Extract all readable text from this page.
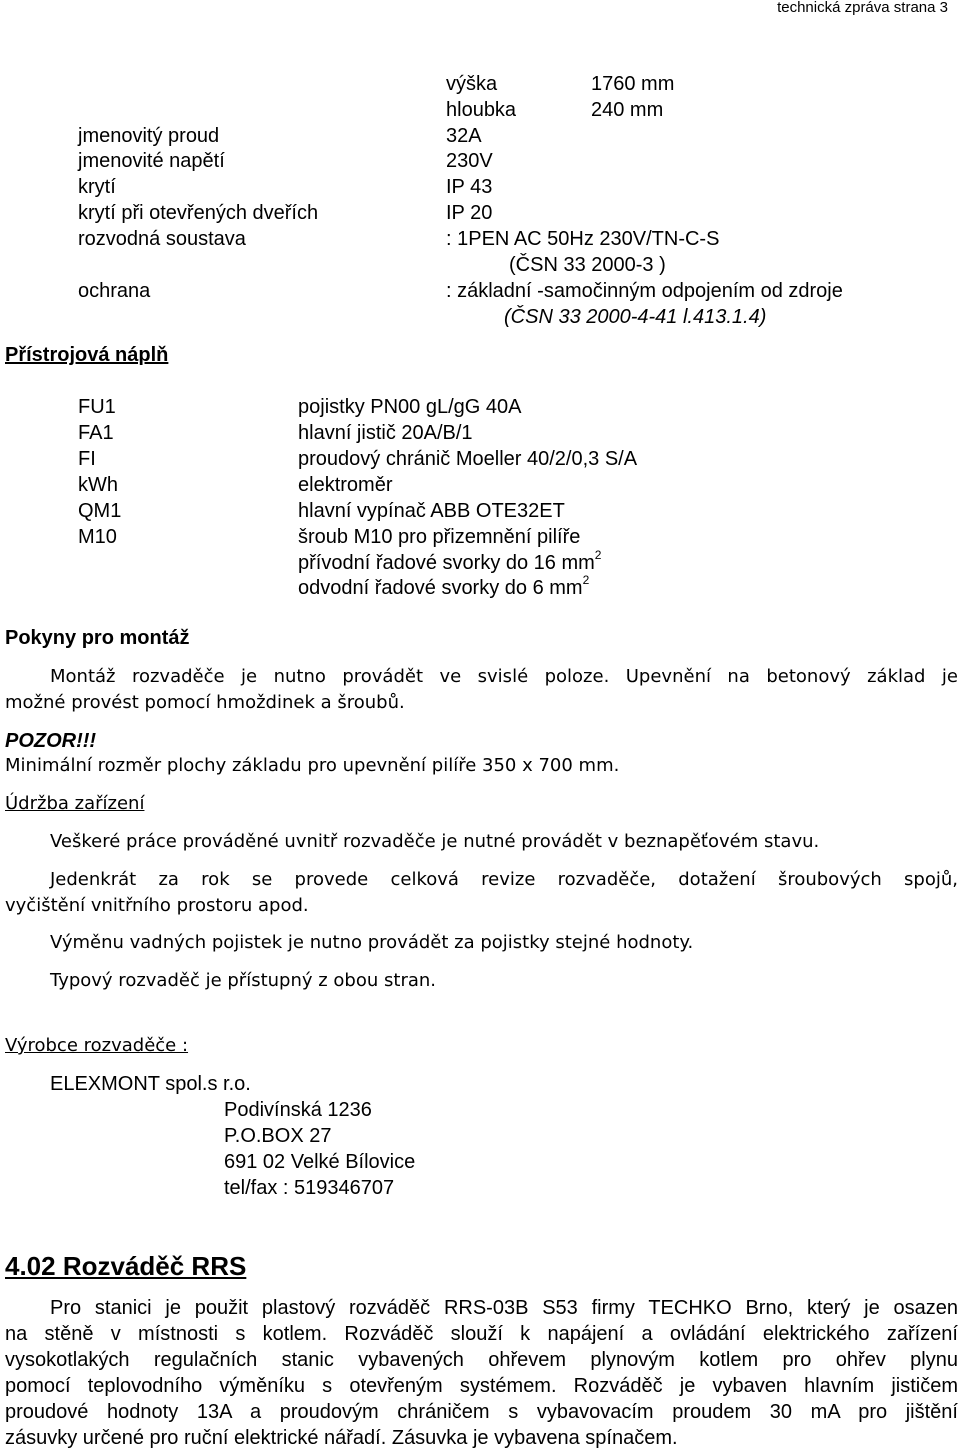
technická zpráva strana 3
výška	1760 mm
hloubka	240 mm
jmenovitý proud	32A
jmenovité napětí	230V
krytí	IP 43
krytí při otevřených dveřích	IP 20
rozvodná soustava	: 1PEN AC 50Hz 230V/TN-C-S
(ČSN 33 2000-3 )
ochrana	: základní -samočinným odpojením od zdroje
(ČSN 33 2000-4-41 l.413.1.4)
Přístrojová náplň
FU1	pojistky PN00 gL/gG 40A
FA1	hlavní jistič 20A/B/1
FI	proudový chránič Moeller 40/2/0,3 S/A
kWh	elektroměr
QM1	hlavní vypínač ABB OTE32ET
M10	šroub M10 pro přizemnění pilíře
přívodní řadové svorky do 16 $mm^2$
odvodní řadové svorky do 6 $mm^2$
Pokyny pro montáž
Montáž rozvaděče je nutno provádět ve svislé poloze. Upevnění na betonový základ je
možné provést pomocí hmoždinek a šroubů.
POZOR!!!
Minimální rozměr plochy základu pro upevnění pilíře 350 x 700 mm.
Údržba zařízení
Veškeré práce prováděné uvnitř rozvaděče je nutné provádět v beznapěťovém stavu.
Jedenkrát za rok se provede celková revize rozvaděče, dotažení šroubových spojů,
vyčištění vnitřního prostoru apod.
Výměnu vadných pojistek je nutno provádět za pojistky stejné hodnoty.
Typový rozvaděč je přístupný z obou stran.
Výrobce rozvaděče :
ELEXMONT spol.s r.o.
Podivínská 1236
P.O.BOX 27
691 02 Velké Bílovice
tel/fax : 519346707
4.02 Rozváděč RRS
Pro stanici je použit plastový rozváděč RRS-03B S53 firmy TECHKO Brno, který je osazen
na stěně v místnosti s kotlem. Rozváděč slouží k napájení a ovládání elektrického zařízení
vysokotlakých regulačních stanic vybavených ohřevem plynovým kotlem pro ohřev plynu
pomocí teplovodního výměníku s otevřeným systémem. Rozváděč je vybaven hlavním jističem
proudové hodnoty 13A a proudovým chráničem s vybavovacím proudem 30 mA pro jištění
zásuvky určené pro ruční elektrické nářadí. Zásuvka je vybavena spínačem.
